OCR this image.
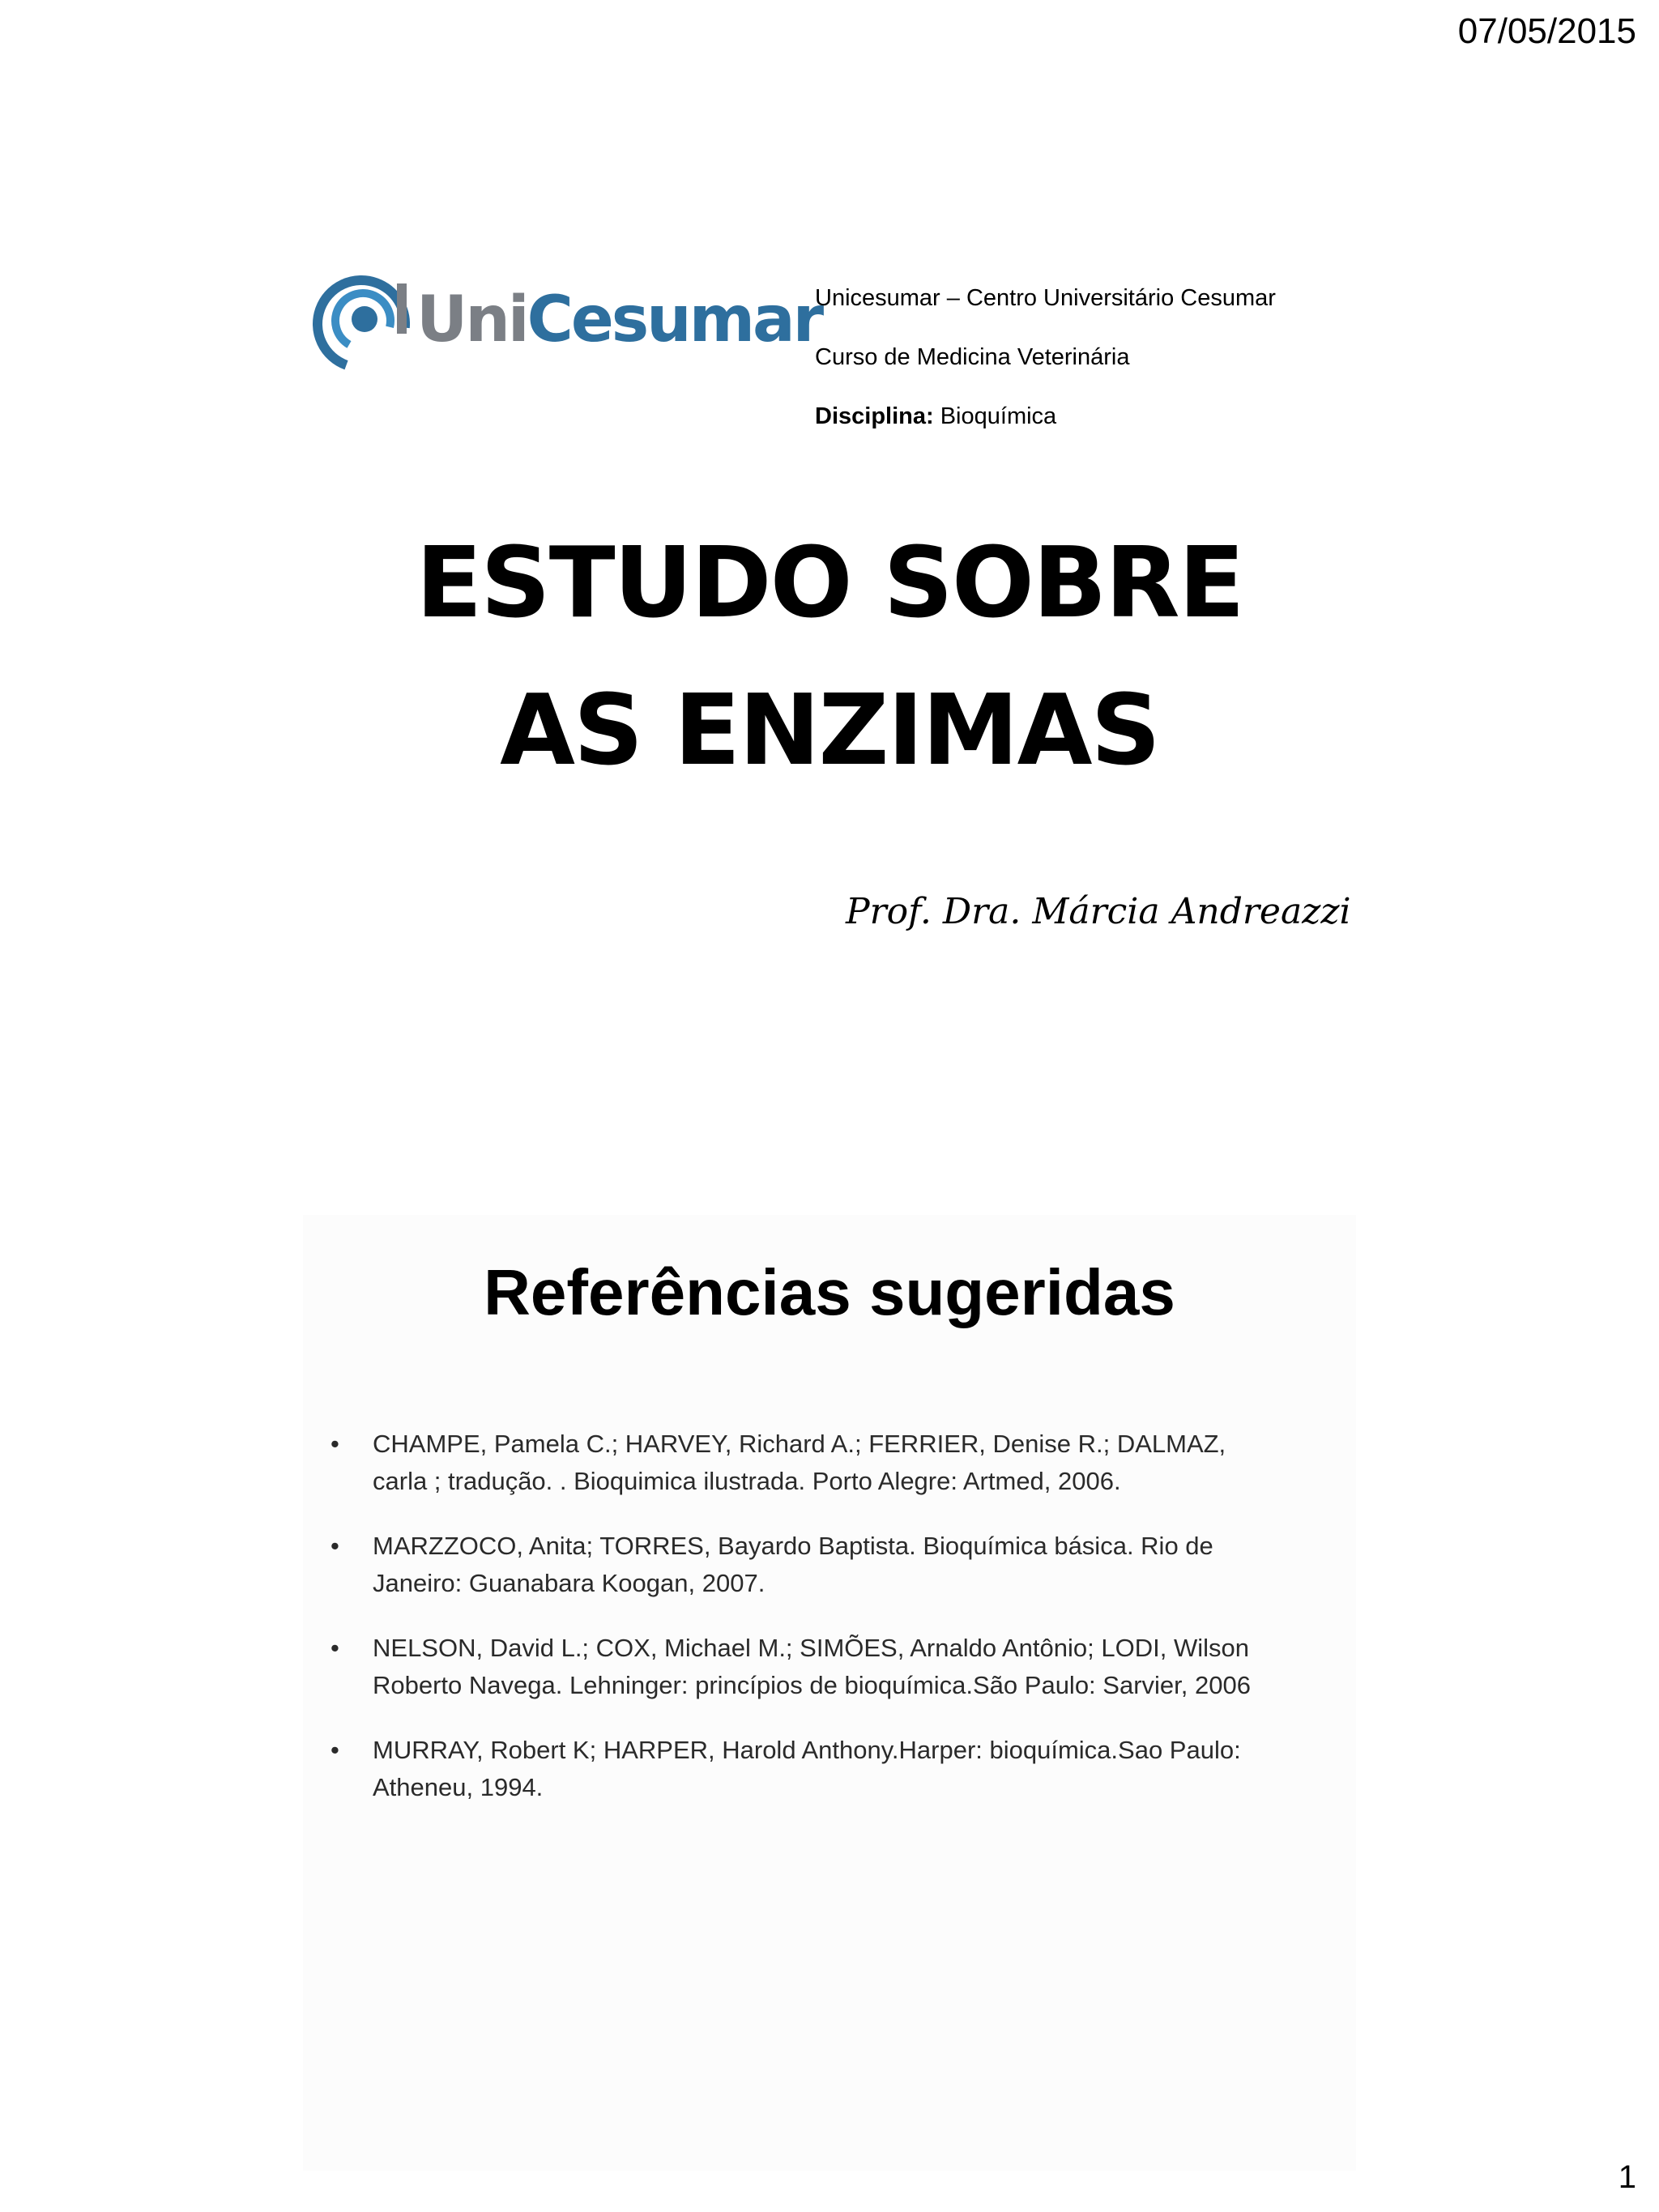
07/05/2015
UniCesumar
Unicesumar – Centro Universitário Cesumar
Curso de Medicina Veterinária
Disciplina: Bioquímica
ESTUDO SOBRE
AS ENZIMAS
Prof. Dra. Márcia Andreazzi
Referências sugeridas
• CHAMPE, Pamela C.; HARVEY, Richard A.; FERRIER, Denise R.; DALMAZ, carla ; tradução. . Bioquimica ilustrada. Porto Alegre: Artmed, 2006.
• MARZZOCO, Anita; TORRES, Bayardo Baptista. Bioquímica básica. Rio de Janeiro: Guanabara Koogan, 2007.
• NELSON, David L.; COX, Michael M.; SIMÕES, Arnaldo Antônio; LODI, Wilson Roberto Navega. Lehninger: princípios de bioquímica.São Paulo: Sarvier, 2006
• MURRAY, Robert K; HARPER, Harold Anthony.Harper: bioquímica.Sao Paulo: Atheneu, 1994.
1
